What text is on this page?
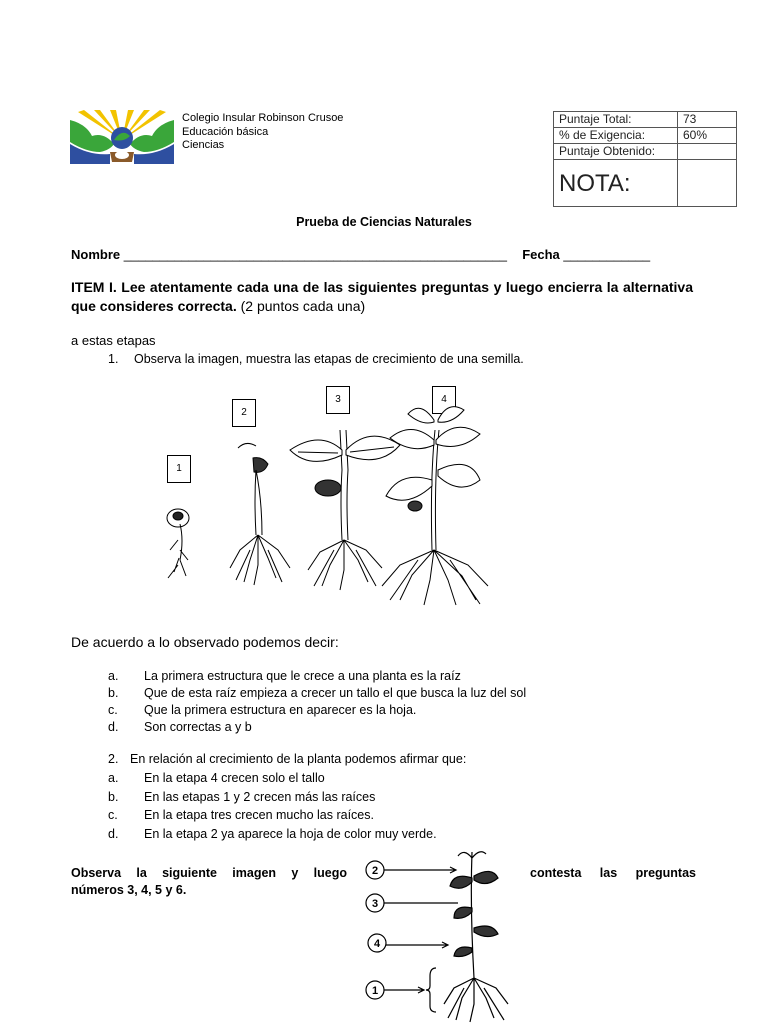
Colegio Insular Robinson Crusoe
Educación básica
Ciencias
Puntaje Total:	73
% de Exigencia:	60%
Puntaje Obtenido:	
NOTA:	
Prueba de Ciencias Naturales
Nombre _____________________________________________________ Fecha ____________
ITEM I. Lee atentamente cada una de las siguientes preguntas y luego encierra la alternativa que consideres correcta. (2 puntos cada una)
a estas etapas
1. Observa la imagen, muestra las etapas de crecimiento de una semilla.
1
2
3	4
De acuerdo a lo observado podemos decir:
a. La primera estructura que le crece a una planta es la raíz
b. Que de esta raíz empieza a crecer un tallo el que busca la luz del sol
c. Que la primera estructura en aparecer es la hoja.
d. Son correctas a y b
2. En relación al crecimiento de la planta podemos afirmar que:
a. En la etapa 4 crecen solo el tallo
b. En las etapas 1 y 2 crecen más las raíces
c. En la etapa tres crecen mucho las raíces.
d. En la etapa 2 ya aparece la hoja de color muy verde.
Observa la siguiente imagen y luego
números 3, 4, 5 y 6.
contesta las preguntas
2
3
4
1
